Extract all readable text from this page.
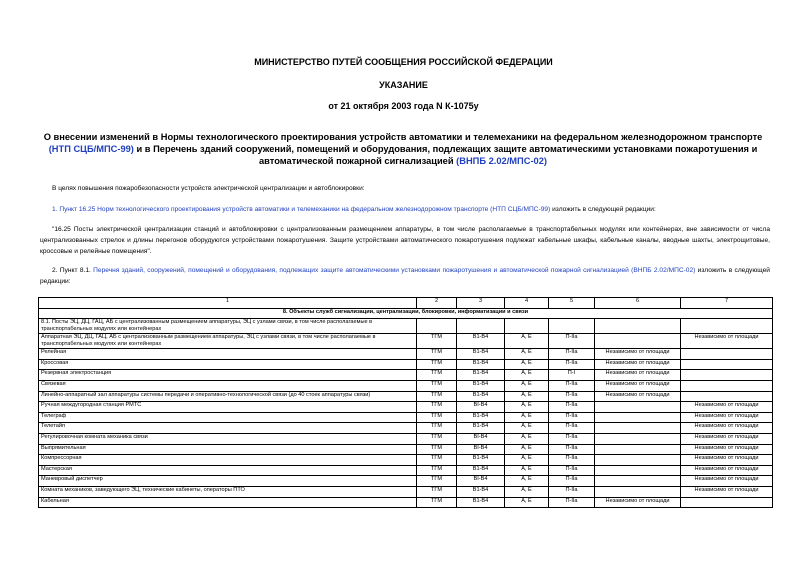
МИНИСТЕРСТВО ПУТЕЙ СООБЩЕНИЯ РОССИЙСКОЙ ФЕДЕРАЦИИ
УКАЗАНИЕ
от 21 октября 2003 года N К-1075у
О внесении изменений в Нормы технологического проектирования устройств автоматики и телемеханики на федеральном железнодорожном транспорте (НТП СЦБ/МПС-99) и в Перечень зданий сооружений, помещений и оборудования, подлежащих защите автоматическими установками пожаротушения и автоматической пожарной сигнализацией (ВНПБ 2.02/МПС-02)
В целях повышения пожаробезопасности устройств электрической централизации и автоблокировки:
1. Пункт 16.25 Норм технологического проектирования устройств автоматики и телемеханики на федеральном железнодорожном транспорте (НТП СЦБ/МПС-99) изложить в следующей редакции:
"16.25 Посты электрической централизации станций и автоблокировки с централизованным размещением аппаратуры, в том числе располагаемые в транспортабельных модулях или контейнерах, вне зависимости от числа централизованных стрелок и длины перегонов оборудуются устройствами пожаротушения. Защите устройствами автоматического пожаротушения подлежат кабельные шкафы, кабельные каналы, вводные шахты, электрощитовые, кроссовые и релейные помещения".
2. Пункт 8.1. Перечня зданий, сооружений, помещений и оборудования, подлежащих защите автоматическими установками пожаротушения и автоматической пожарной сигнализацией (ВНПБ 2.02/МПС-02) изложить в следующей редакции:
1	2	3	4	5	6	7
8. Объекты служб сигнализации, централизации, блокировки, информатизации и связи						
8.1. Посты ЭЦ, ДЦ, ГАЦ, АБ с централизованным размещением аппаратуры, ЭЦ с узлами связи, в том числе располагаемые в транспортабельных модулях или контейнерах						
Аппаратная ЭЦ, ДЦ, ГАЦ, АБ с централизованным размещением аппаратуры, ЭЦ с узлами связи, в том числе располагаемые в транспортабельных модулях или контейнерах	ТГМ	В1-В4	А, Е	П-IIа		Независимо от площади
Релейная	ТГМ	В1-В4	А, Е	П-IIа	Независимо от площади	
Кроссовая	ТГМ	В1-В4	А, Е	П-IIа	Независимо от площади	
Резервная электростанция	ТГМ	В1-В4	А, Е	П-I	Независимо от площади	
Связевая	ТГМ	В1-В4	А, Е	П-IIа	Независимо от площади	
Линейно-аппаратный зал аппаратуры системы передачи и оперативно-технологической связи (до 40 стоек аппаратуры связи)	ТГМ	В1-В4	А, Е	П-IIа	Независимо от площади	
Ручная междугородная станция РМТС	ТГМ	ВI-В4	А, Е	П-IIа		Независимо от площади
Телеграф	ТГМ	В1-В4	А, Е	П-IIа		Независимо от площади
Телетайп	ТГМ	В1-В4	А, Е	П-IIа		Независимо от площади
Регулировочная комната механика связи	ТГМ	ВI-В4	А, Е	П-IIа		Независимо от площади
Выпрямительная	ТГМ	ВI-В4	А, Е	П-IIа		Независимо от площади
Компрессорная	ТГМ	В1-В4	А, Е	П-IIа		Независимо от площади
Мастерская	ТГМ	В1-В4	А, Е	П-IIа		Независимо от площади
Маневровый диспетчер	ТГМ	ВI-В4	А, Е	П-IIа		Независимо от площади
Комната механиков, заведующего ЭЦ, технические кабинеты, операторы ПТО	ТГМ	В1-В4	А, Е	П-IIа		Независимо от площади
Кабельная	ТГМ	В1-В4	А, Е	П-IIа	Независимо от площади	
